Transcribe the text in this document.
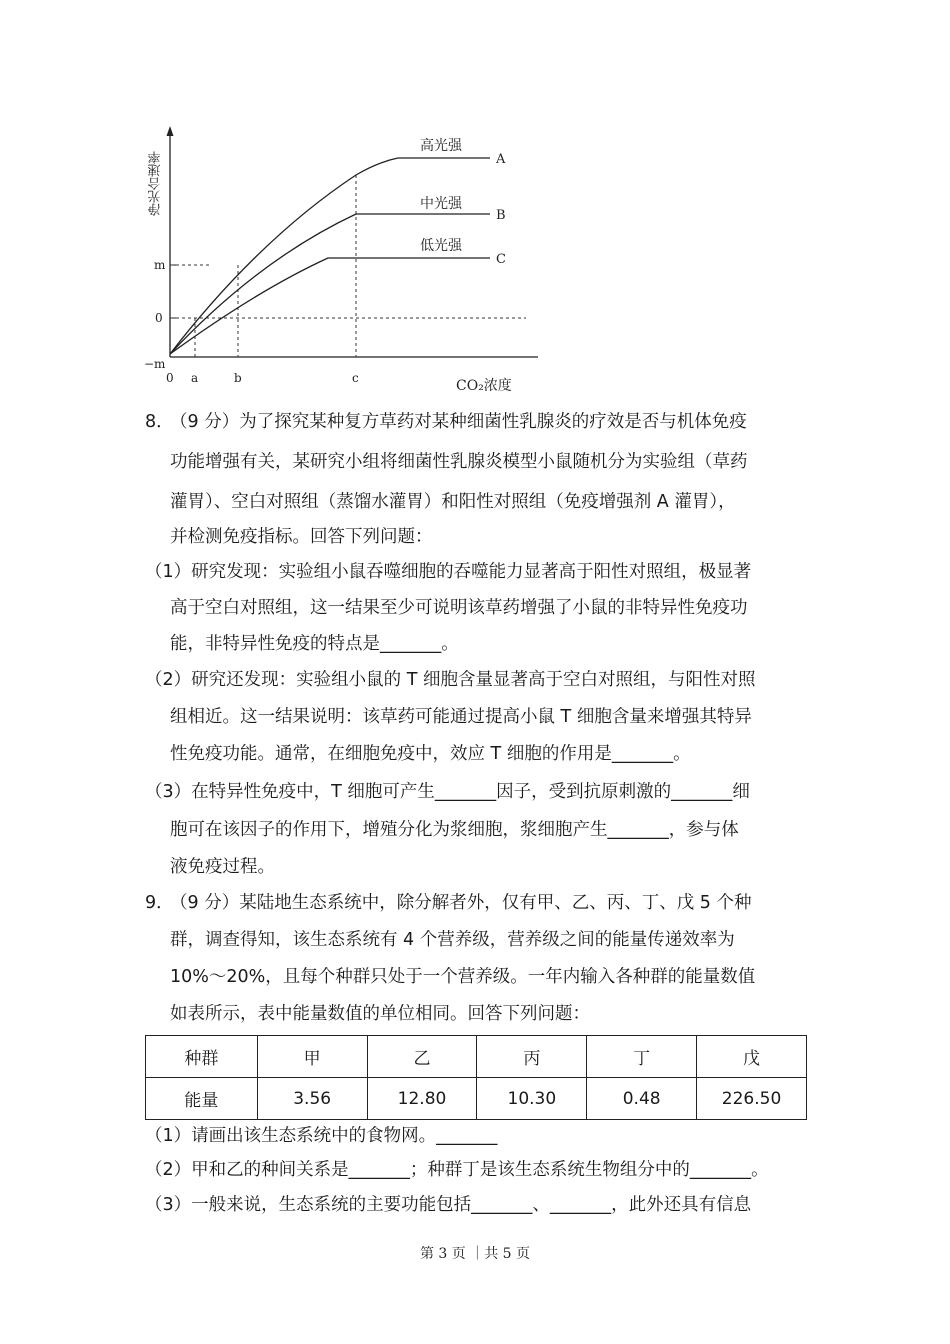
高光强
A
中光强
B
低光强
C
m
0
−m
0 a	b	c	CO₂浓度
净光合速率
8．
（9 分）为了探究某种复方草药对某种细菌性乳腺炎的疗效是否与机体免疫
功能增强有关，某研究小组将细菌性乳腺炎模型小鼠随机分为实验组（草药
灌胃）、空白对照组（蒸馏水灌胃）和阳性对照组（免疫增强剂 A 灌胃），
并检测免疫指标。回答下列问题：
（1）研究发现：实验组小鼠吞噬细胞的吞噬能力显著高于阳性对照组，极显著
高于空白对照组，这一结果至少可说明该草药增强了小鼠的非特异性免疫功
能，非特异性免疫的特点是_______。
（2）研究还发现：实验组小鼠的 T 细胞含量显著高于空白对照组，与阳性对照
组相近。这一结果说明：该草药可能通过提高小鼠 T 细胞含量来增强其特异
性免疫功能。通常，在细胞免疫中，效应 T 细胞的作用是_______。
（3）在特异性免疫中，T 细胞可产生_______因子，受到抗原刺激的_______细
胞可在该因子的作用下，增殖分化为浆细胞，浆细胞产生_______，参与体
液免疫过程。
9．
（9 分）某陆地生态系统中，除分解者外，仅有甲、乙、丙、丁、戊 5 个种
群，调查得知，该生态系统有 4 个营养级，营养级之间的能量传递效率为
10%～20%，且每个种群只处于一个营养级。一年内输入各种群的能量数值
如表所示，表中能量数值的单位相同。回答下列问题：
种群	甲	乙	丙	丁	戊
能量	3.56	12.80	10.30	0.48	226.50
（1）请画出该生态系统中的食物网。_______
（2）甲和乙的种间关系是_______；种群丁是该生态系统生物组分中的_______。
（3）一般来说，生态系统的主要功能包括_______、_______，此外还具有信息
第 3 页 ｜共 5 页
